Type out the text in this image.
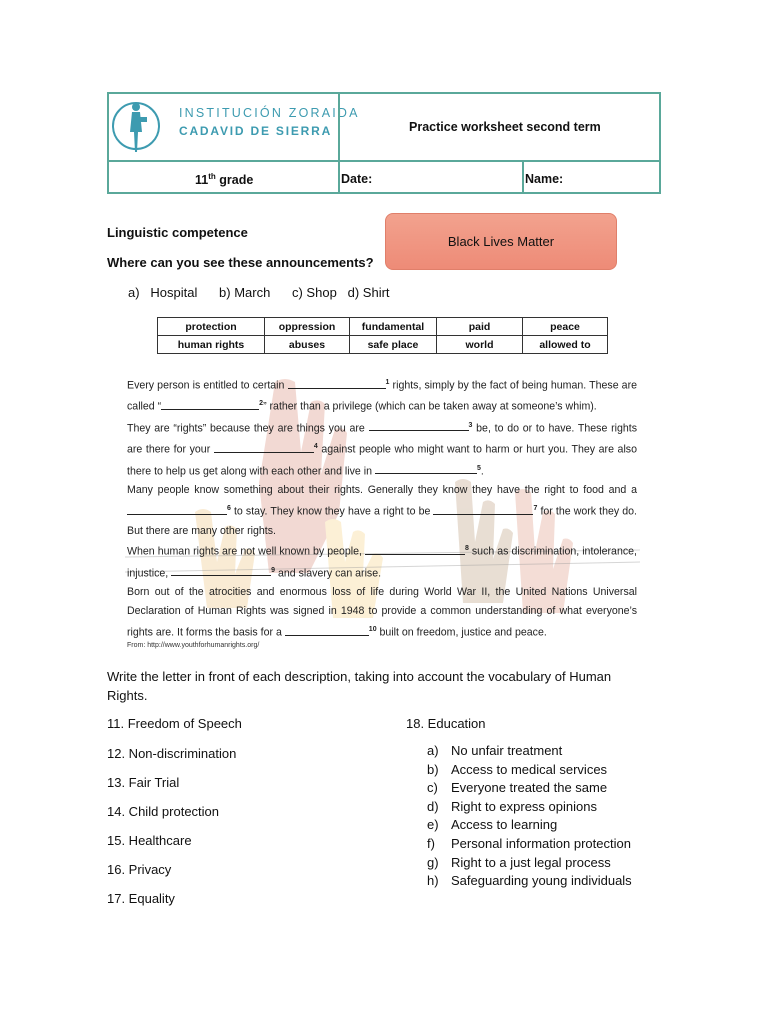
INSTITUCIÓN ZORAIDA
CADAVID DE SIERRA	Practice worksheet second term
11th grade	Date:	Name:
Linguistic competence
Where can you see these announcements?
Black Lives Matter
a)   Hospital      b) March      c) Shop   d) Shirt
protection	oppression	fundamental	paid	peace
human rights	abuses	safe place	world	allowed to

Every person is entitled to certain	$^1$ rights, simply by the fact of being human. These are called “	$^2$” rather than a privilege (which can be taken away at someone’s whim).

They are “rights” because they are things you are	$^3$ be, to do or to have. These rights are there for your	$^4$ against people who might want to harm or hurt you. They are also there to help us get along with each other and live in	$^5$.

Many people know something about their rights. Generally they know they have the right to food and a $^6$ to stay. They know they have a right to be	$^7$ for the work they do. But there are many other rights.

When human rights are not well known by people,	$^8$ such as discrimination, intolerance, injustice,	$^9$ and slavery can arise.

Born out of the atrocities and enormous loss of life during World War II, the United Nations Universal Declaration of Human Rights was signed in 1948 to provide a common understanding of what everyone’s rights are. It forms the basis for a	$^{10}$ built on freedom, justice and peace.

From: http://www.youthforhumanrights.org/
Write the letter in front of each description, taking into account the vocabulary of Human Rights.
11. Freedom of Speech
12. Non-discrimination
13. Fair Trial
14. Child protection
15. Healthcare
16. Privacy
17. Equality
18. Education
a) No unfair treatment
b) Access to medical services
c) Everyone treated the same
d) Right to express opinions
e) Access to learning
f) Personal information protection
g) Right to a just legal process
h) Safeguarding young individuals
